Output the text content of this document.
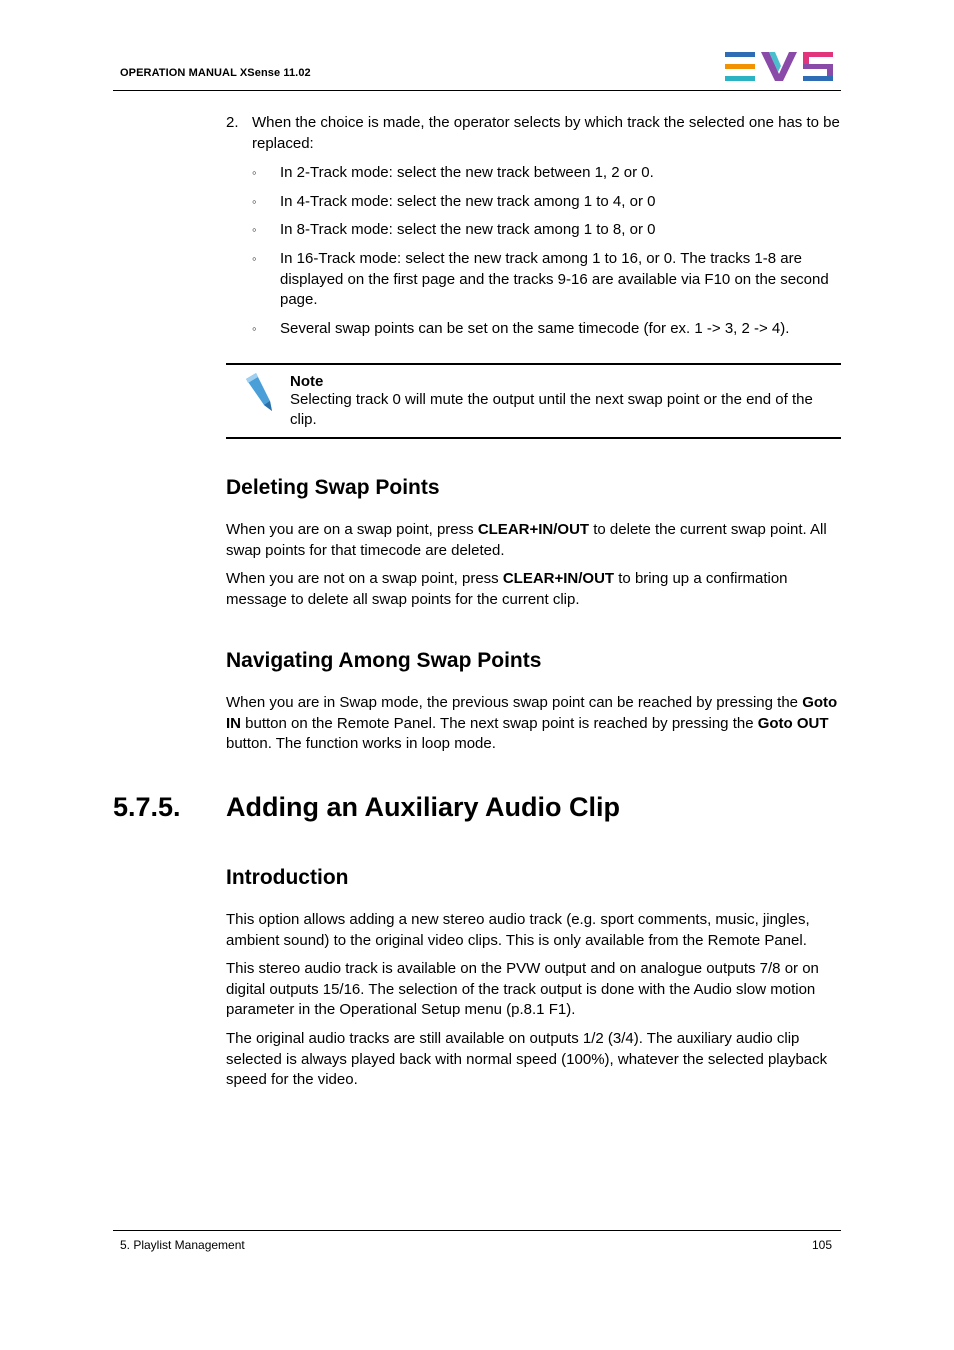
OPERATION MANUAL XSense 11.02
2. When the choice is made, the operator selects by which track the selected one has to be replaced:
◦ In 2-Track mode: select the new track between 1, 2 or 0.
◦ In 4-Track mode: select the new track among 1 to 4, or 0
◦ In 8-Track mode: select the new track among 1 to 8, or 0
◦ In 16-Track mode: select the new track among 1 to 16, or 0. The tracks 1-8 are displayed on the first page and the tracks 9-16 are available via F10 on the second page.
◦ Several swap points can be set on the same timecode (for ex. 1 -> 3, 2 -> 4).
Note
Selecting track 0 will mute the output until the next swap point or the end of the clip.
Deleting Swap Points

When you are on a swap point, press CLEAR+IN/OUT to delete the current swap point. All swap points for that timecode are deleted.

When you are not on a swap point, press CLEAR+IN/OUT to bring up a confirmation message to delete all swap points for the current clip.

Navigating Among Swap Points

When you are in Swap mode, the previous swap point can be reached by pressing the Goto IN button on the Remote Panel. The next swap point is reached by pressing the Goto OUT button. The function works in loop mode.

5.7.5. Adding an Auxiliary Audio Clip
Introduction

This option allows adding a new stereo audio track (e.g. sport comments, music, jingles, ambient sound) to the original video clips. This is only available from the Remote Panel.

This stereo audio track is available on the PVW output and on analogue outputs 7/8 or on digital outputs 15/16. The selection of the track output is done with the Audio slow motion parameter in the Operational Setup menu (p.8.1 F1).

The original audio tracks are still available on outputs 1/2 (3/4). The auxiliary audio clip selected is always played back with normal speed (100%), whatever the selected playback speed for the video.

5. Playlist Management	105
